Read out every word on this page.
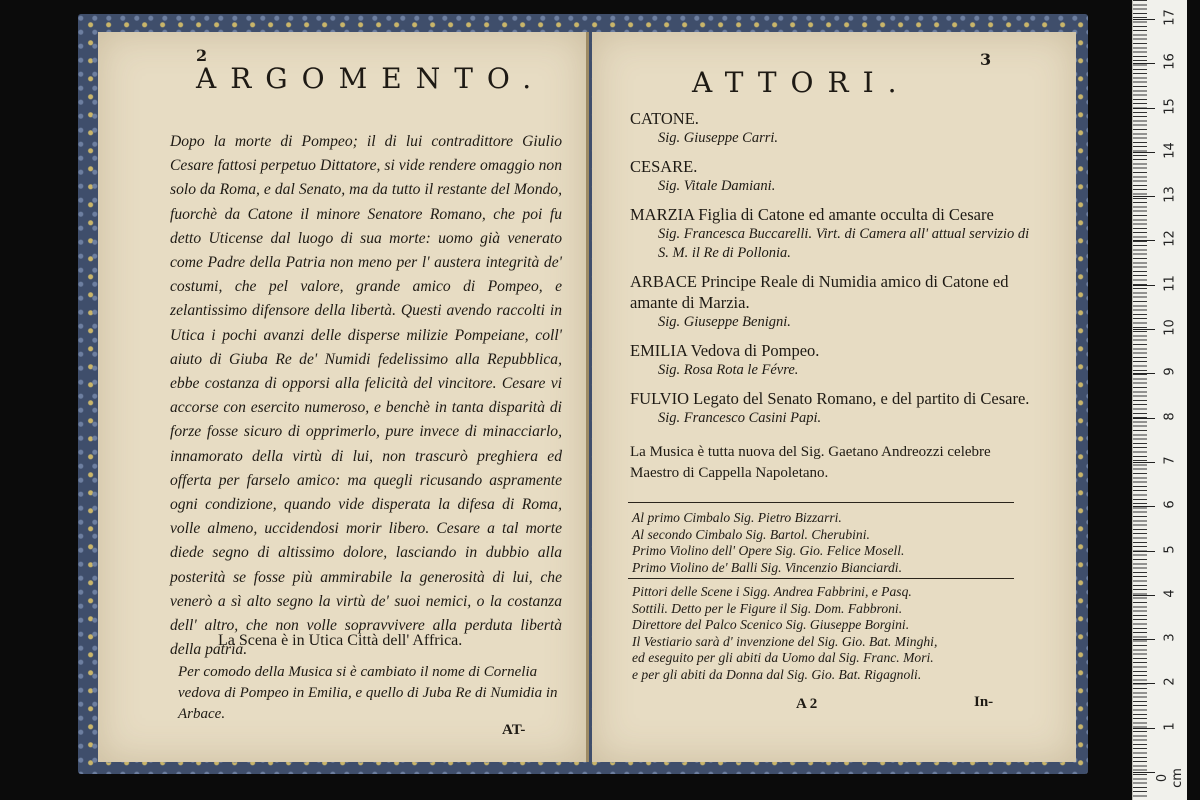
2
ARGOMENTO.

Dopo la morte di Pompeo; il di lui contradittore Giulio Cesare fattosi perpetuo Dittatore, si vide rendere omaggio non solo da Roma, e dal Senato, ma da tutto il restante del Mondo, fuorchè da Catone il minore Senatore Romano, che poi fu detto Uticense dal luogo di sua morte: uomo già venerato come Padre della Patria non meno per l' austera integrità de' costumi, che pel valore, grande amico di Pompeo, e zelantissimo difensore della libertà. Questi avendo raccolti in Utica i pochi avanzi delle disperse milizie Pompeiane, coll' aiuto di Giuba Re de' Numidi fedelissimo alla Repubblica, ebbe costanza di opporsi alla felicità del vincitore. Cesare vi accorse con esercito numeroso, e benchè in tanta disparità di forze fosse sicuro di opprimerlo, pure invece di minacciarlo, innamorato della virtù di lui, non trascurò preghiera ed offerta per farselo amico: ma quegli ricusando aspramente ogni condizione, quando vide disperata la difesa di Roma, volle almeno, uccidendosi morir libero. Cesare a tal morte diede segno di altissimo dolore, lasciando in dubbio alla posterità se fosse più ammirabile la generosità di lui, che venerò a sì alto segno la virtù de' suoi nemici, o la costanza dell' altro, che non volle sopravvivere alla perduta libertà della patria.

La Scena è in Utica Città dell' Affrica.

Per comodo della Musica si è cambiato il nome di Cornelia vedova di Pompeo in Emilia, e quello di Juba Re di Numidia in Arbace.

AT-
3
ATTORI.
CATONE.
Sig. Giuseppe Carri.
CESARE.
Sig. Vitale Damiani.
MARZIA Figlia di Catone ed amante occulta di Cesare
Sig. Francesca Buccarelli. Virt. di Camera all' attual servizio di S. M. il Re di Pollonia.
ARBACE Principe Reale di Numidia amico di Catone ed amante di Marzia.
Sig. Giuseppe Benigni.
EMILIA Vedova di Pompeo.
Sig. Rosa Rota le Févre.
FULVIO Legato del Senato Romano, e del partito di Cesare.
Sig. Francesco Casini Papi.
La Musica è tutta nuova del Sig. Gaetano Andreozzi celebre Maestro di Cappella Napoletano.
Al primo Cimbalo Sig. Pietro Bizzarri.
Al secondo Cimbalo Sig. Bartol. Cherubini.
Primo Violino dell' Opere Sig. Gio. Felice Mosell.
Primo Violino de' Balli Sig. Vincenzio Bianciardi.
Pittori delle Scene i Sigg. Andrea Fabbrini, e Pasq.
Sottili. Detto per le Figure il Sig. Dom. Fabbroni.
Direttore del Palco Scenico Sig. Giuseppe Borgini.
Il Vestiario sarà d' invenzione del Sig. Gio. Bat. Minghi,
ed eseguito per gli abiti da Uomo dal Sig. Franc. Mori.
e per gli abiti da Donna dal Sig. Gio. Bat. Rigagnoli.
A 2	In-
0 cm
1
2
3
4
5
6
7
8
9
10
11
12
13
14
15
16
17
